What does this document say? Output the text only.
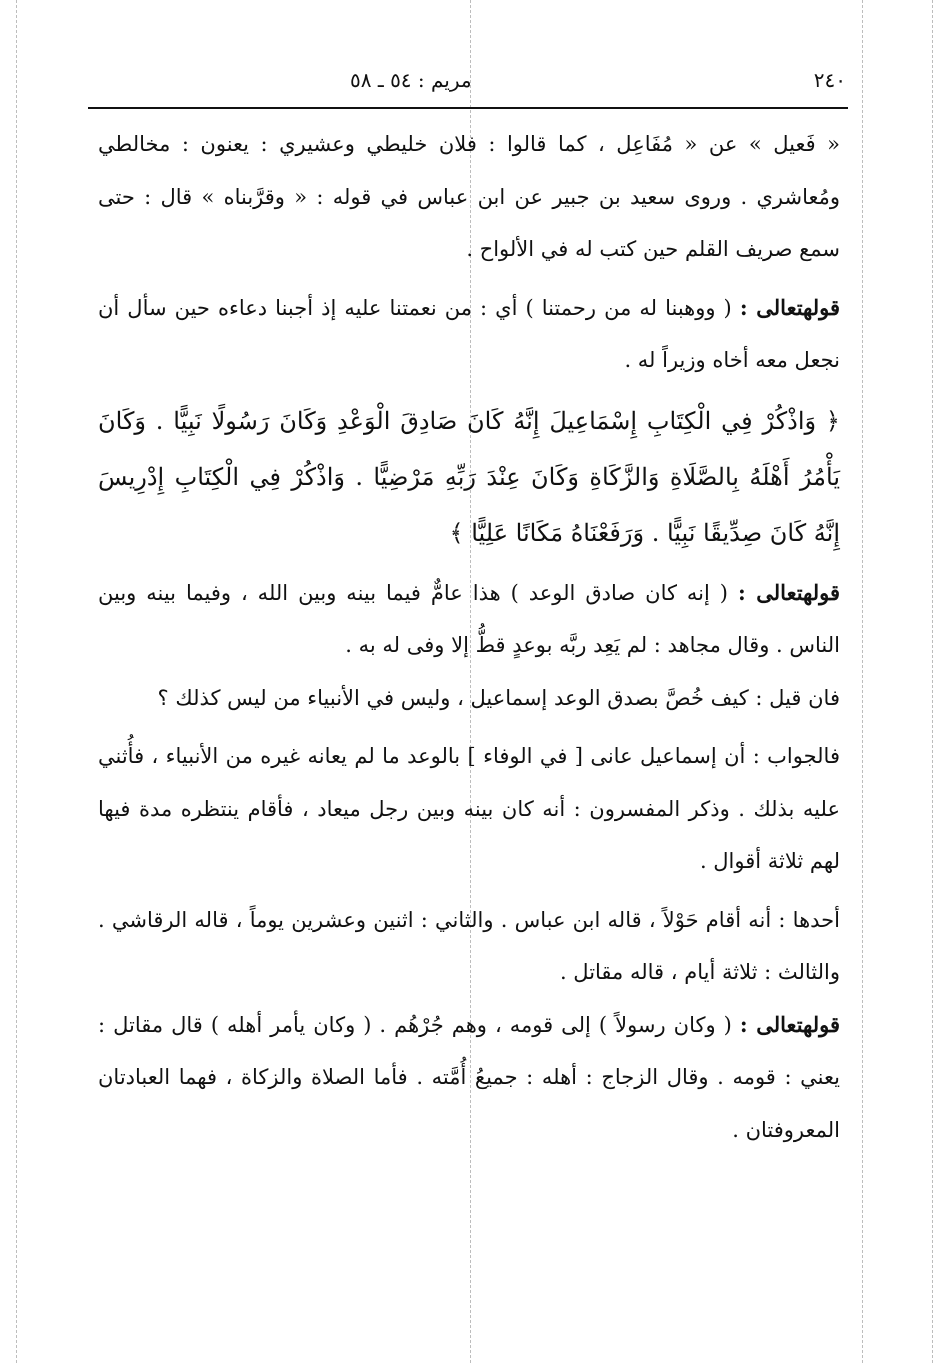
٢٤٠
مريم : ٥٤ ـ ٥٨

« فَعيل » عن « مُفَاعِل ، كما قالوا : فلان خليطي وعشيري : يعنون : مخالطي ومُعاشري . وروى سعيد بن جبير عن ابن عباس في قوله : « وقرَّبناه » قال : حتى سمع صريف القلم حين كتب له في الألواح .

قولهتعالى : ( ووهبنا له من رحمتنا ) أي : من نعمتنا عليه إذ أجبنا دعاءه حين سأل أن نجعل معه أخاه وزيراً له .

﴿ وَاذْكُرْ فِي الْكِتَابِ إِسْمَاعِيلَ إِنَّهُ كَانَ صَادِقَ الْوَعْدِ وَكَانَ رَسُولًا نَبِيًّا . وَكَانَ يَأْمُرُ أَهْلَهُ بِالصَّلَاةِ وَالزَّكَاةِ وَكَانَ عِنْدَ رَبِّهِ مَرْضِيًّا . وَاذْكُرْ فِي الْكِتَابِ إِدْرِيسَ إِنَّهُ كَانَ صِدِّيقًا نَبِيًّا . وَرَفَعْنَاهُ مَكَانًا عَلِيًّا ﴾

قولهتعالى : ( إنه كان صادق الوعد ) هذا عامٌّ فيما بينه وبين الله ، وفيما بينه وبين الناس . وقال مجاهد : لم يَعِد ربَّه بوعدٍ قطُّ إلا وفى له به .

فان قيل : كيف خُصَّ بصدق الوعد إسماعيل ، وليس في الأنبياء من ليس كذلك ؟

فالجواب : أن إسماعيل عانى [ في الوفاء ] بالوعد ما لم يعانه غيره من الأنبياء ، فأُثني عليه بذلك . وذكر المفسرون : أنه كان بينه وبين رجل ميعاد ، فأقام ينتظره مدة فيها لهم ثلاثة أقوال .

أحدها : أنه أقام حَوْلاً ، قاله ابن عباس . والثاني : اثنين وعشرين يوماً ، قاله الرقاشي . والثالث : ثلاثة أيام ، قاله مقاتل .

قولهتعالى : ( وكان رسولاً ) إلى قومه ، وهم جُرْهُم . ( وكان يأمر أهله ) قال مقاتل : يعني : قومه . وقال الزجاج : أهله : جميعُ أُمَّته . فأما الصلاة والزكاة ، فهما العبادتان المعروفتان .
